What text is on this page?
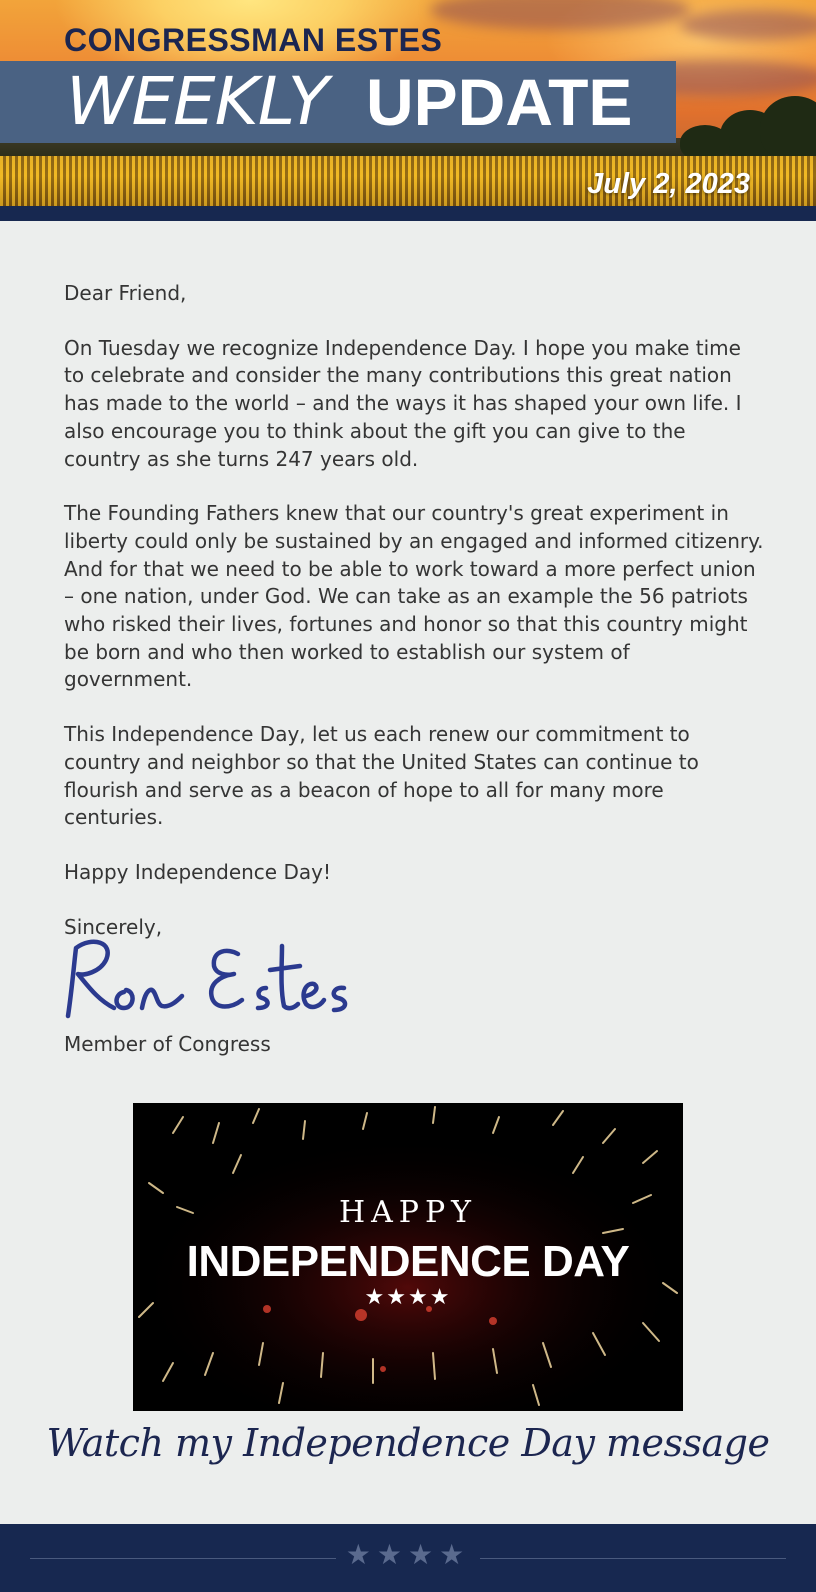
CONGRESSMAN ESTES
WEEKLY UPDATE
July 2, 2023

Dear Friend,

On Tuesday we recognize Independence Day. I hope you make time to celebrate and consider the many contributions this great nation has made to the world – and the ways it has shaped your own life. I also encourage you to think about the gift you can give to the country as she turns 247 years old.

The Founding Fathers knew that our country's great experiment in liberty could only be sustained by an engaged and informed citizenry. And for that we need to be able to work toward a more perfect union – one nation, under God. We can take as an example the 56 patriots who risked their lives, fortunes and honor so that this country might be born and who then worked to establish our system of government.

This Independence Day, let us each renew our commitment to country and neighbor so that the United States can continue to flourish and serve as a beacon of hope to all for many more centuries.

Happy Independence Day!

Sincerely,

Member of Congress
HAPPY
INDEPENDENCE DAY
★★★★
Watch my Independence Day message
★★★★
